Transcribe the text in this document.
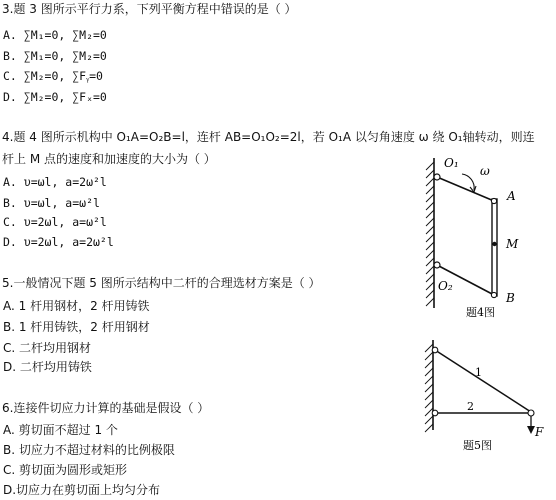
3.题 3 图所示平行力系，下列平衡方程中错误的是（ ）
A. ∑M₁=0, ∑M₂=0
B. ∑M₁=0, ∑M₂=0
C. ∑M₂=0, ∑Fᵧ=0
D. ∑M₂=0, ∑Fₓ=0
4.题 4 图所示机构中 O₁A=O₂B=l，连杆 AB=O₁O₂=2l，若 O₁A 以匀角速度 ω 绕 O₁轴转动，则连
杆上 M 点的速度和加速度的大小为（ ）
A. υ=ωl, a=2ω²l
B. υ=ωl, a=ω²l
C. υ=2ωl, a=ω²l
D. υ=2ωl, a=2ω²l
O₁
ω
A
M
O₂
B
题4图
5.一般情况下题 5 图所示结构中二杆的合理选材方案是（ ）
A. 1 杆用钢材，2 杆用铸铁
B. 1 杆用铸铁，2 杆用钢材
C. 二杆均用钢材
D. 二杆均用铸铁	1
2
F
题5图
6.连接件切应力计算的基础是假设（ ）
A. 剪切面不超过 1 个
B. 切应力不超过材料的比例极限
C. 剪切面为圆形或矩形
D.切应力在剪切面上均匀分布
